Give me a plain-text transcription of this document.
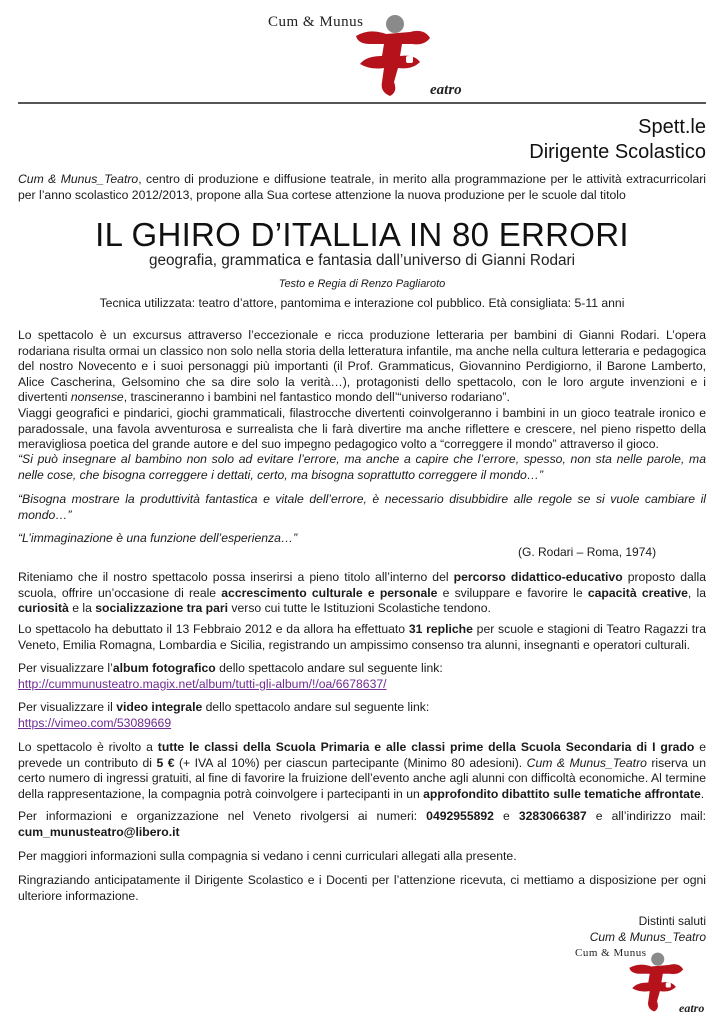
Cum & Munus
eatro
Spett.le
Dirigente Scolastico

Cum & Munus_Teatro, centro di produzione e diffusione teatrale, in merito alla programmazione per le attività extracurricolari per l’anno scolastico 2012/2013, propone alla Sua cortese attenzione la nuova produzione per le scuole dal titolo

IL GHIRO D’ITALLIA IN 80 ERRORI
geografia, grammatica e fantasia dall’universo di Gianni Rodari
Testo e Regia di Renzo Pagliaroto
Tecnica utilizzata: teatro d’attore, pantomima e interazione col pubblico. Età consigliata: 5-11 anni

Lo spettacolo è un excursus attraverso l’eccezionale e ricca produzione letteraria per bambini di Gianni Rodari. L’opera rodariana risulta ormai un classico non solo nella storia della letteratura infantile, ma anche nella cultura letteraria e pedagogica del nostro Novecento e i suoi personaggi più importanti (il Prof. Grammaticus, Giovannino Perdigiorno, il Barone Lamberto, Alice Cascherina, Gelsomino che sa dire solo la verità…), protagonisti dello spettacolo, con le loro argute invenzioni e i divertenti nonsense, trascineranno i bambini nel fantastico mondo dell’“universo rodariano”.
Viaggi geografici e pindarici, giochi grammaticali, filastrocche divertenti coinvolgeranno i bambini in un gioco teatrale ironico e paradossale, una favola avventurosa e surrealista che li farà divertire ma anche riflettere e crescere, nel pieno rispetto della meravigliosa poetica del grande autore e del suo impegno pedagogico volto a “correggere il mondo” attraverso il gioco.

“Si può insegnare al bambino non solo ad evitare l’errore, ma anche a capire che l’errore, spesso, non sta nelle parole, ma nelle cose, che bisogna correggere i dettati, certo, ma bisogna soprattutto correggere il mondo…”

“Bisogna mostrare la produttività fantastica e vitale dell’errore, è necessario disubbidire alle regole se si vuole cambiare il mondo…”

“L’immaginazione è una funzione dell’esperienza…”

(G. Rodari – Roma, 1974)

Riteniamo che il nostro spettacolo possa inserirsi a pieno titolo all’interno del percorso didattico-educativo proposto dalla scuola, offrire un’occasione di reale accrescimento culturale e personale e sviluppare e favorire le capacità creative, la curiosità e la socializzazione tra pari verso cui tutte le Istituzioni Scolastiche tendono.

Lo spettacolo ha debuttato il 13 Febbraio 2012 e da allora ha effettuato 31 repliche per scuole e stagioni di Teatro Ragazzi tra Veneto, Emilia Romagna, Lombardia e Sicilia, registrando un ampissimo consenso tra alunni, insegnanti e operatori culturali.

Per visualizzare l’album fotografico dello spettacolo andare sul seguente link:
http://cummunusteatro.magix.net/album/tutti-gli-album/!/oa/6678637/

Per visualizzare il video integrale dello spettacolo andare sul seguente link:
https://vimeo.com/53089669

Lo spettacolo è rivolto a tutte le classi della Scuola Primaria e alle classi prime della Scuola Secondaria di I grado e prevede un contributo di 5 € (+ IVA al 10%) per ciascun partecipante (Minimo 80 adesioni). Cum & Munus_Teatro riserva un certo numero di ingressi gratuiti, al fine di favorire la fruizione dell’evento anche agli alunni con difficoltà economiche. Al termine della rappresentazione, la compagnia potrà coinvolgere i partecipanti in un approfondito dibattito sulle tematiche affrontate.

Per informazioni e organizzazione nel Veneto rivolgersi ai numeri: 0492955892 e 3283066387 e all’indirizzo mail: cum_munusteatro@libero.it

Per maggiori informazioni sulla compagnia si vedano i cenni curriculari allegati alla presente.

Ringraziando anticipatamente il Dirigente Scolastico e i Docenti per l’attenzione ricevuta, ci mettiamo a disposizione per ogni ulteriore informazione.

Distinti saluti
Cum & Munus_Teatro
Cum & Munus
eatro
